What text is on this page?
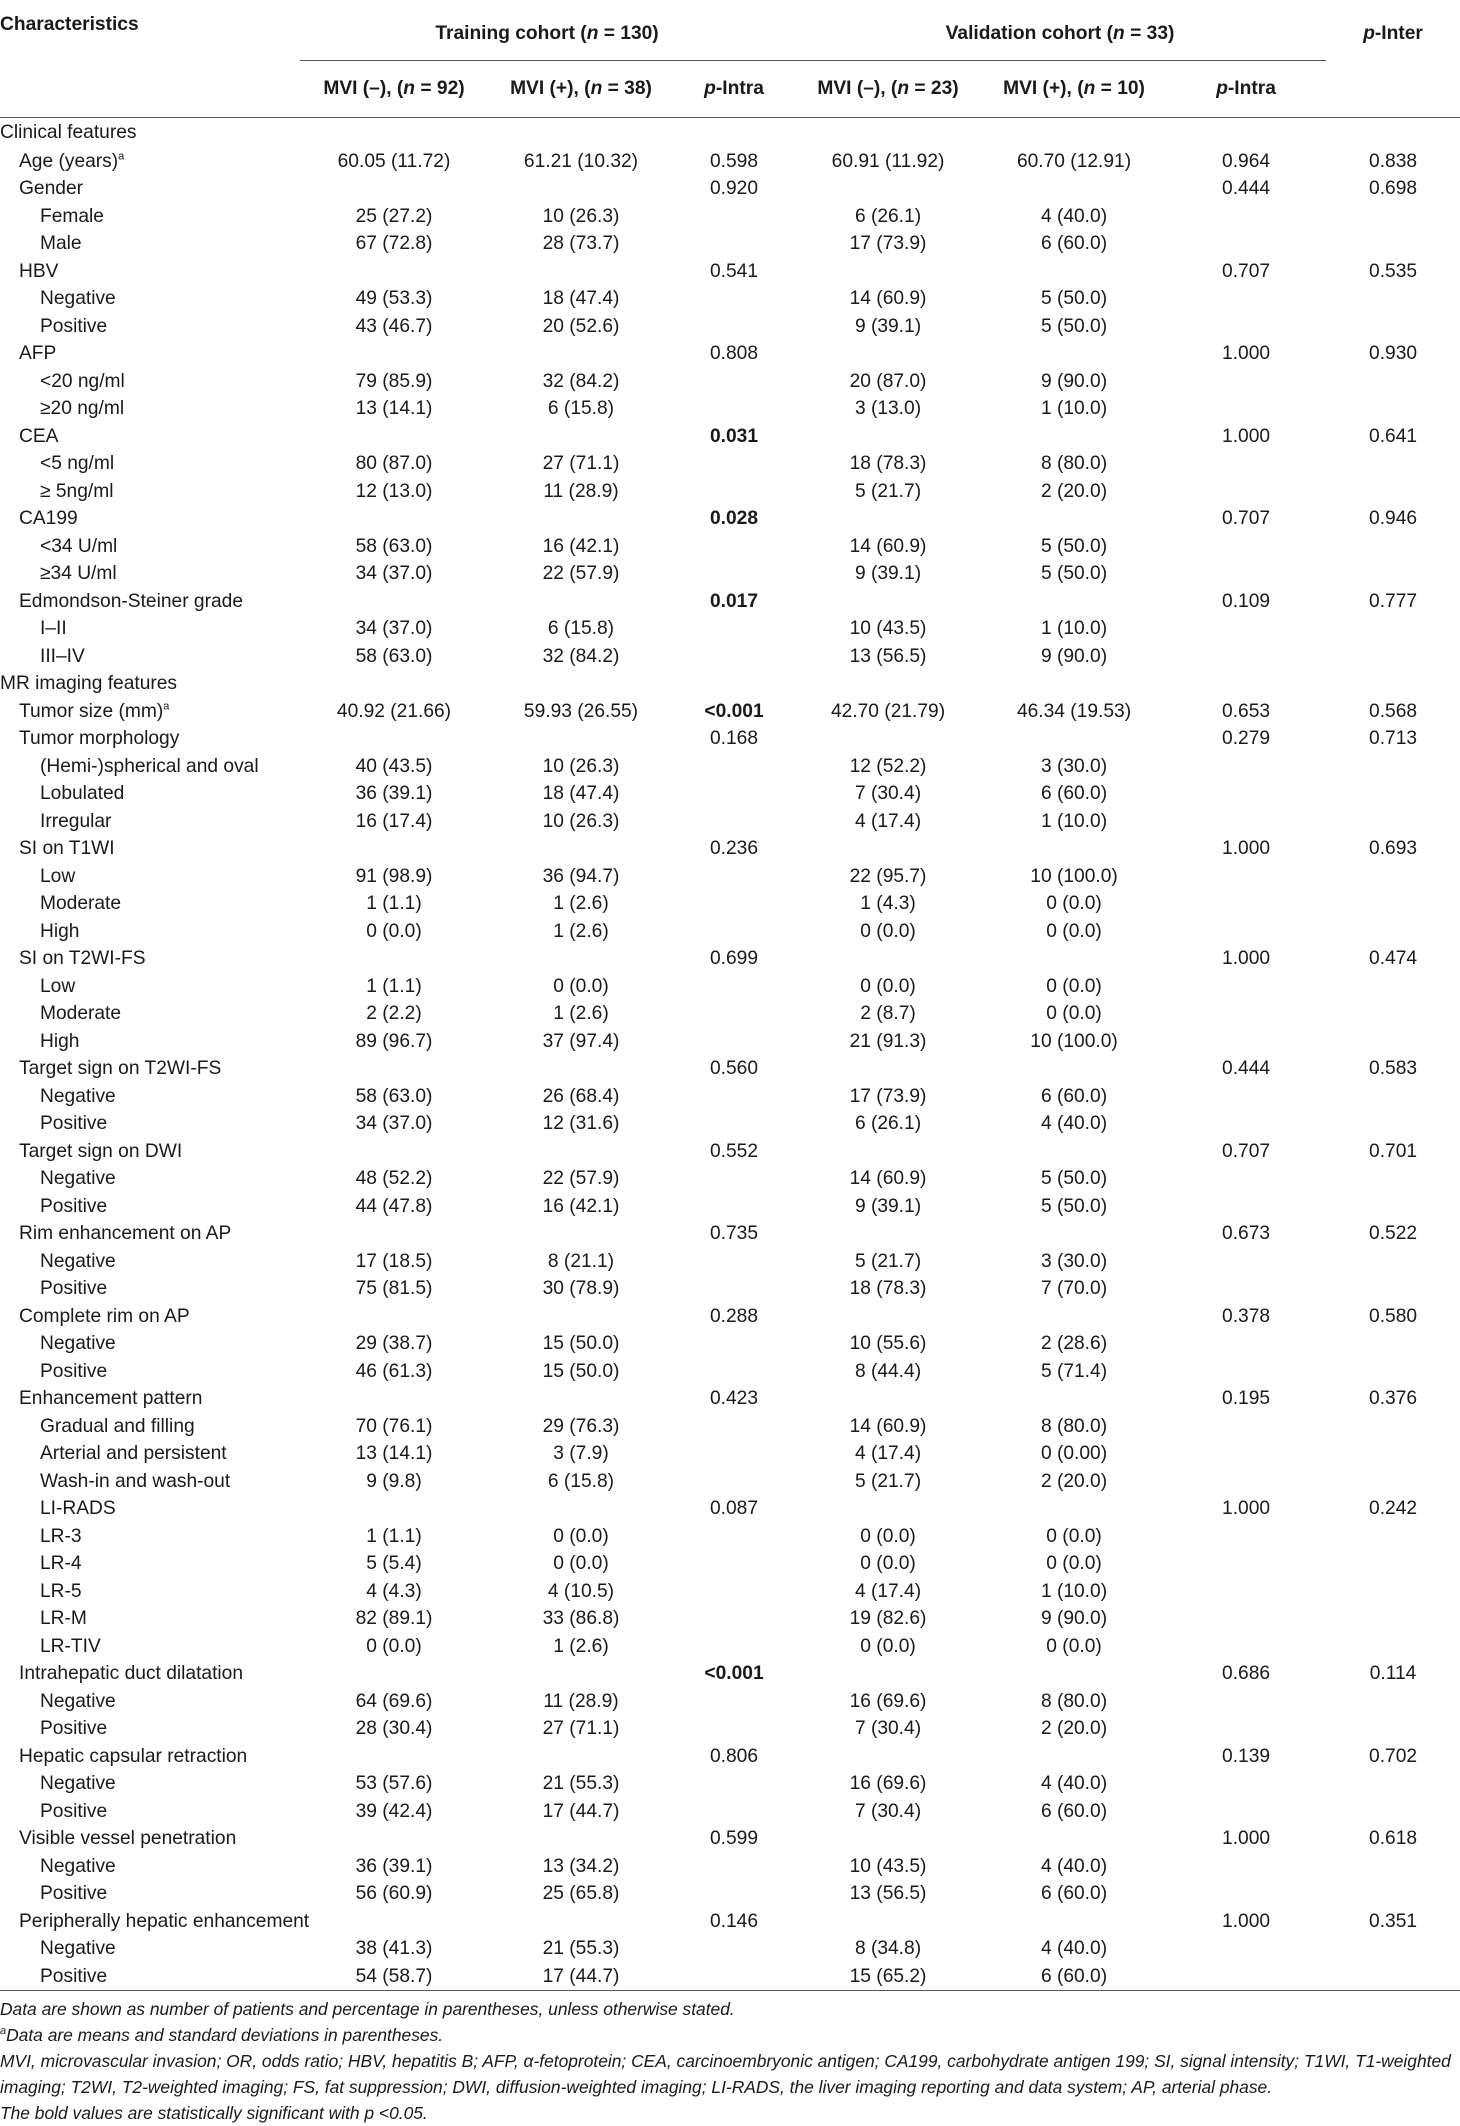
Characteristics	Training cohort (n = 130)			Validation cohort (n = 33)			p-Inter
	MVI (–), (n = 92)	MVI (+), (n = 38)	p-Intra	MVI (–), (n = 23)	MVI (+), (n = 10)	p-Intra	
Clinical features							
Age (years)$^a$	60.05 (11.72)	61.21 (10.32)	0.598	60.91 (11.92)	60.70 (12.91)	0.964	0.838
Gender			0.920			0.444	0.698
Female	25 (27.2)	10 (26.3)		6 (26.1)	4 (40.0)		
Male	67 (72.8)	28 (73.7)		17 (73.9)	6 (60.0)		
HBV			0.541			0.707	0.535
Negative	49 (53.3)	18 (47.4)		14 (60.9)	5 (50.0)		
Positive	43 (46.7)	20 (52.6)		9 (39.1)	5 (50.0)		
AFP			0.808			1.000	0.930
<20 ng/ml	79 (85.9)	32 (84.2)		20 (87.0)	9 (90.0)		
≥20 ng/ml	13 (14.1)	6 (15.8)		3 (13.0)	1 (10.0)		
CEA			0.031			1.000	0.641
<5 ng/ml	80 (87.0)	27 (71.1)		18 (78.3)	8 (80.0)		
≥ 5ng/ml	12 (13.0)	11 (28.9)		5 (21.7)	2 (20.0)		
CA199			0.028			0.707	0.946
<34 U/ml	58 (63.0)	16 (42.1)		14 (60.9)	5 (50.0)		
≥34 U/ml	34 (37.0)	22 (57.9)		9 (39.1)	5 (50.0)		
Edmondson-Steiner grade			0.017			0.109	0.777
I–II	34 (37.0)	6 (15.8)		10 (43.5)	1 (10.0)		
III–IV	58 (63.0)	32 (84.2)		13 (56.5)	9 (90.0)		
MR imaging features							
Tumor size (mm)$^a$	40.92 (21.66)	59.93 (26.55)	<0.001	42.70 (21.79)	46.34 (19.53)	0.653	0.568
Tumor morphology			0.168			0.279	0.713
(Hemi-)spherical and oval	40 (43.5)	10 (26.3)		12 (52.2)	3 (30.0)		
Lobulated	36 (39.1)	18 (47.4)		7 (30.4)	6 (60.0)		
Irregular	16 (17.4)	10 (26.3)		4 (17.4)	1 (10.0)		
SI on T1WI			0.236			1.000	0.693
Low	91 (98.9)	36 (94.7)		22 (95.7)	10 (100.0)		
Moderate	1 (1.1)	1 (2.6)		1 (4.3)	0 (0.0)		
High	0 (0.0)	1 (2.6)		0 (0.0)	0 (0.0)		
SI on T2WI-FS			0.699			1.000	0.474
Low	1 (1.1)	0 (0.0)		0 (0.0)	0 (0.0)		
Moderate	2 (2.2)	1 (2.6)		2 (8.7)	0 (0.0)		
High	89 (96.7)	37 (97.4)		21 (91.3)	10 (100.0)		
Target sign on T2WI-FS			0.560			0.444	0.583
Negative	58 (63.0)	26 (68.4)		17 (73.9)	6 (60.0)		
Positive	34 (37.0)	12 (31.6)		6 (26.1)	4 (40.0)		
Target sign on DWI			0.552			0.707	0.701
Negative	48 (52.2)	22 (57.9)		14 (60.9)	5 (50.0)		
Positive	44 (47.8)	16 (42.1)		9 (39.1)	5 (50.0)		
Rim enhancement on AP			0.735			0.673	0.522
Negative	17 (18.5)	8 (21.1)		5 (21.7)	3 (30.0)		
Positive	75 (81.5)	30 (78.9)		18 (78.3)	7 (70.0)		
Complete rim on AP			0.288			0.378	0.580
Negative	29 (38.7)	15 (50.0)		10 (55.6)	2 (28.6)		
Positive	46 (61.3)	15 (50.0)		8 (44.4)	5 (71.4)		
Enhancement pattern			0.423			0.195	0.376
Gradual and filling	70 (76.1)	29 (76.3)		14 (60.9)	8 (80.0)		
Arterial and persistent	13 (14.1)	3 (7.9)		4 (17.4)	0 (0.00)		
Wash-in and wash-out	9 (9.8)	6 (15.8)		5 (21.7)	2 (20.0)		
LI-RADS			0.087			1.000	0.242
LR-3	1 (1.1)	0 (0.0)		0 (0.0)	0 (0.0)		
LR-4	5 (5.4)	0 (0.0)		0 (0.0)	0 (0.0)		
LR-5	4 (4.3)	4 (10.5)		4 (17.4)	1 (10.0)		
LR-M	82 (89.1)	33 (86.8)		19 (82.6)	9 (90.0)		
LR-TIV	0 (0.0)	1 (2.6)		0 (0.0)	0 (0.0)		
Intrahepatic duct dilatation			<0.001			0.686	0.114
Negative	64 (69.6)	11 (28.9)		16 (69.6)	8 (80.0)		
Positive	28 (30.4)	27 (71.1)		7 (30.4)	2 (20.0)		
Hepatic capsular retraction			0.806			0.139	0.702
Negative	53 (57.6)	21 (55.3)		16 (69.6)	4 (40.0)		
Positive	39 (42.4)	17 (44.7)		7 (30.4)	6 (60.0)		
Visible vessel penetration			0.599			1.000	0.618
Negative	36 (39.1)	13 (34.2)		10 (43.5)	4 (40.0)		
Positive	56 (60.9)	25 (65.8)		13 (56.5)	6 (60.0)		
Peripherally hepatic enhancement			0.146			1.000	0.351
Negative	38 (41.3)	21 (55.3)		8 (34.8)	4 (40.0)		
Positive	54 (58.7)	17 (44.7)		15 (65.2)	6 (60.0)		

Data are shown as number of patients and percentage in parentheses, unless otherwise stated.

$^a$Data are means and standard deviations in parentheses.

MVI, microvascular invasion; OR, odds ratio; HBV, hepatitis B; AFP, α-fetoprotein; CEA, carcinoembryonic antigen; CA199, carbohydrate antigen 199; SI, signal intensity; T1WI, T1-weighted imaging; T2WI, T2-weighted imaging; FS, fat suppression; DWI, diffusion-weighted imaging; LI-RADS, the liver imaging reporting and data system; AP, arterial phase.

The bold values are statistically significant with p <0.05.
